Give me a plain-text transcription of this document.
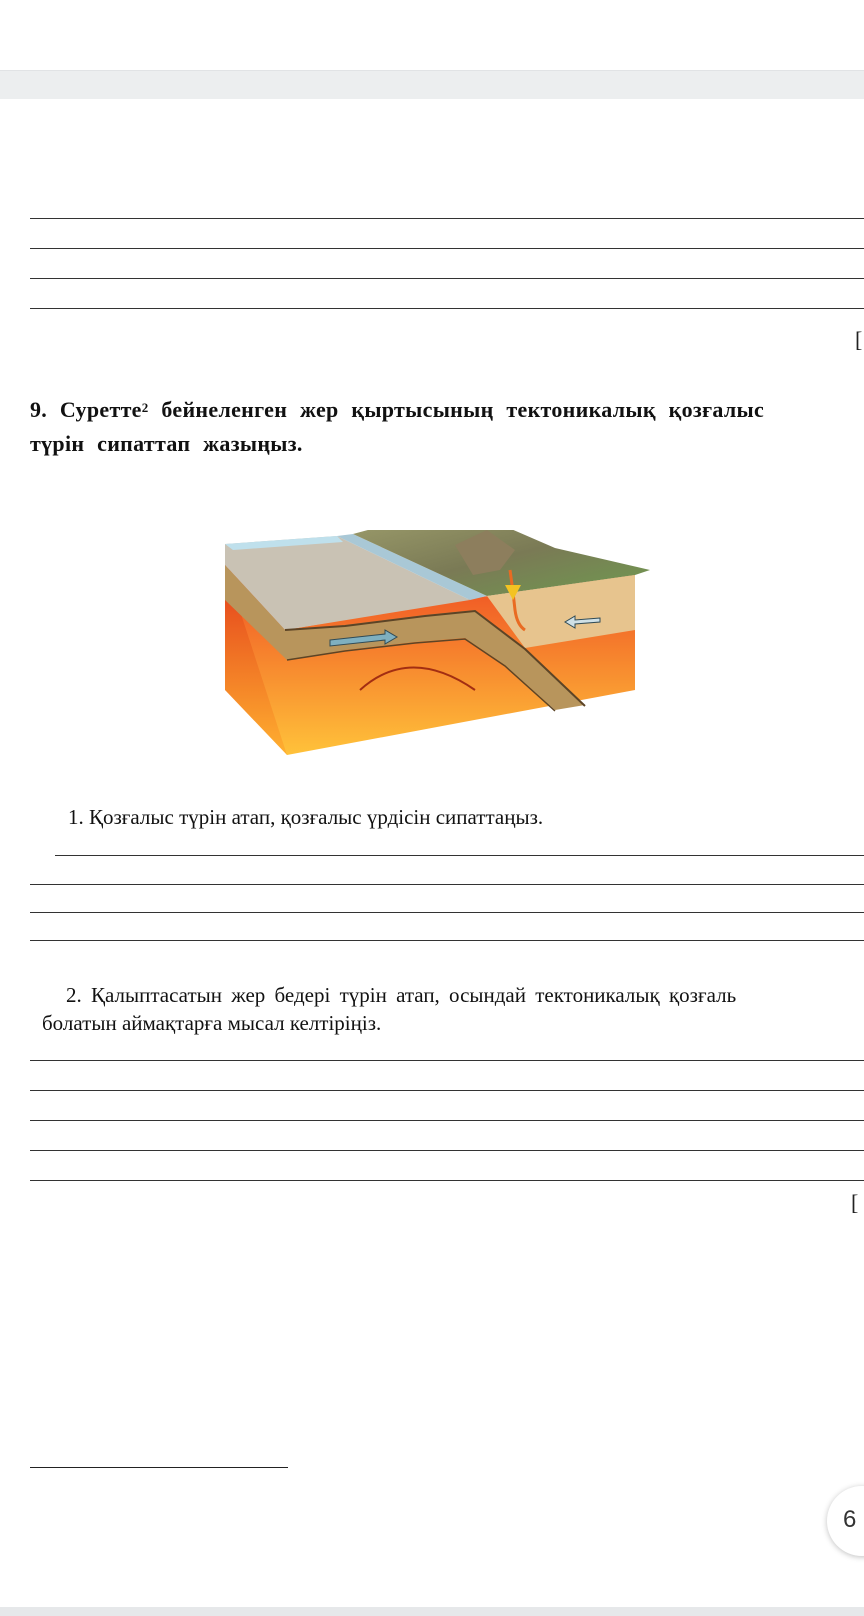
[
9. Суретте$^2$ бейнеленген жер қыртысының тектоникалық қозғалыс
түрін сипаттап жазыңыз.
1. Қозғалыс түрін атап, қозғалыс үрдісін сипаттаңыз.
2. Қалыптасатын жер бедері түрін атап, осындай тектоникалық қозғаль
болатын аймақтарға мысал келтіріңіз.
[
6
